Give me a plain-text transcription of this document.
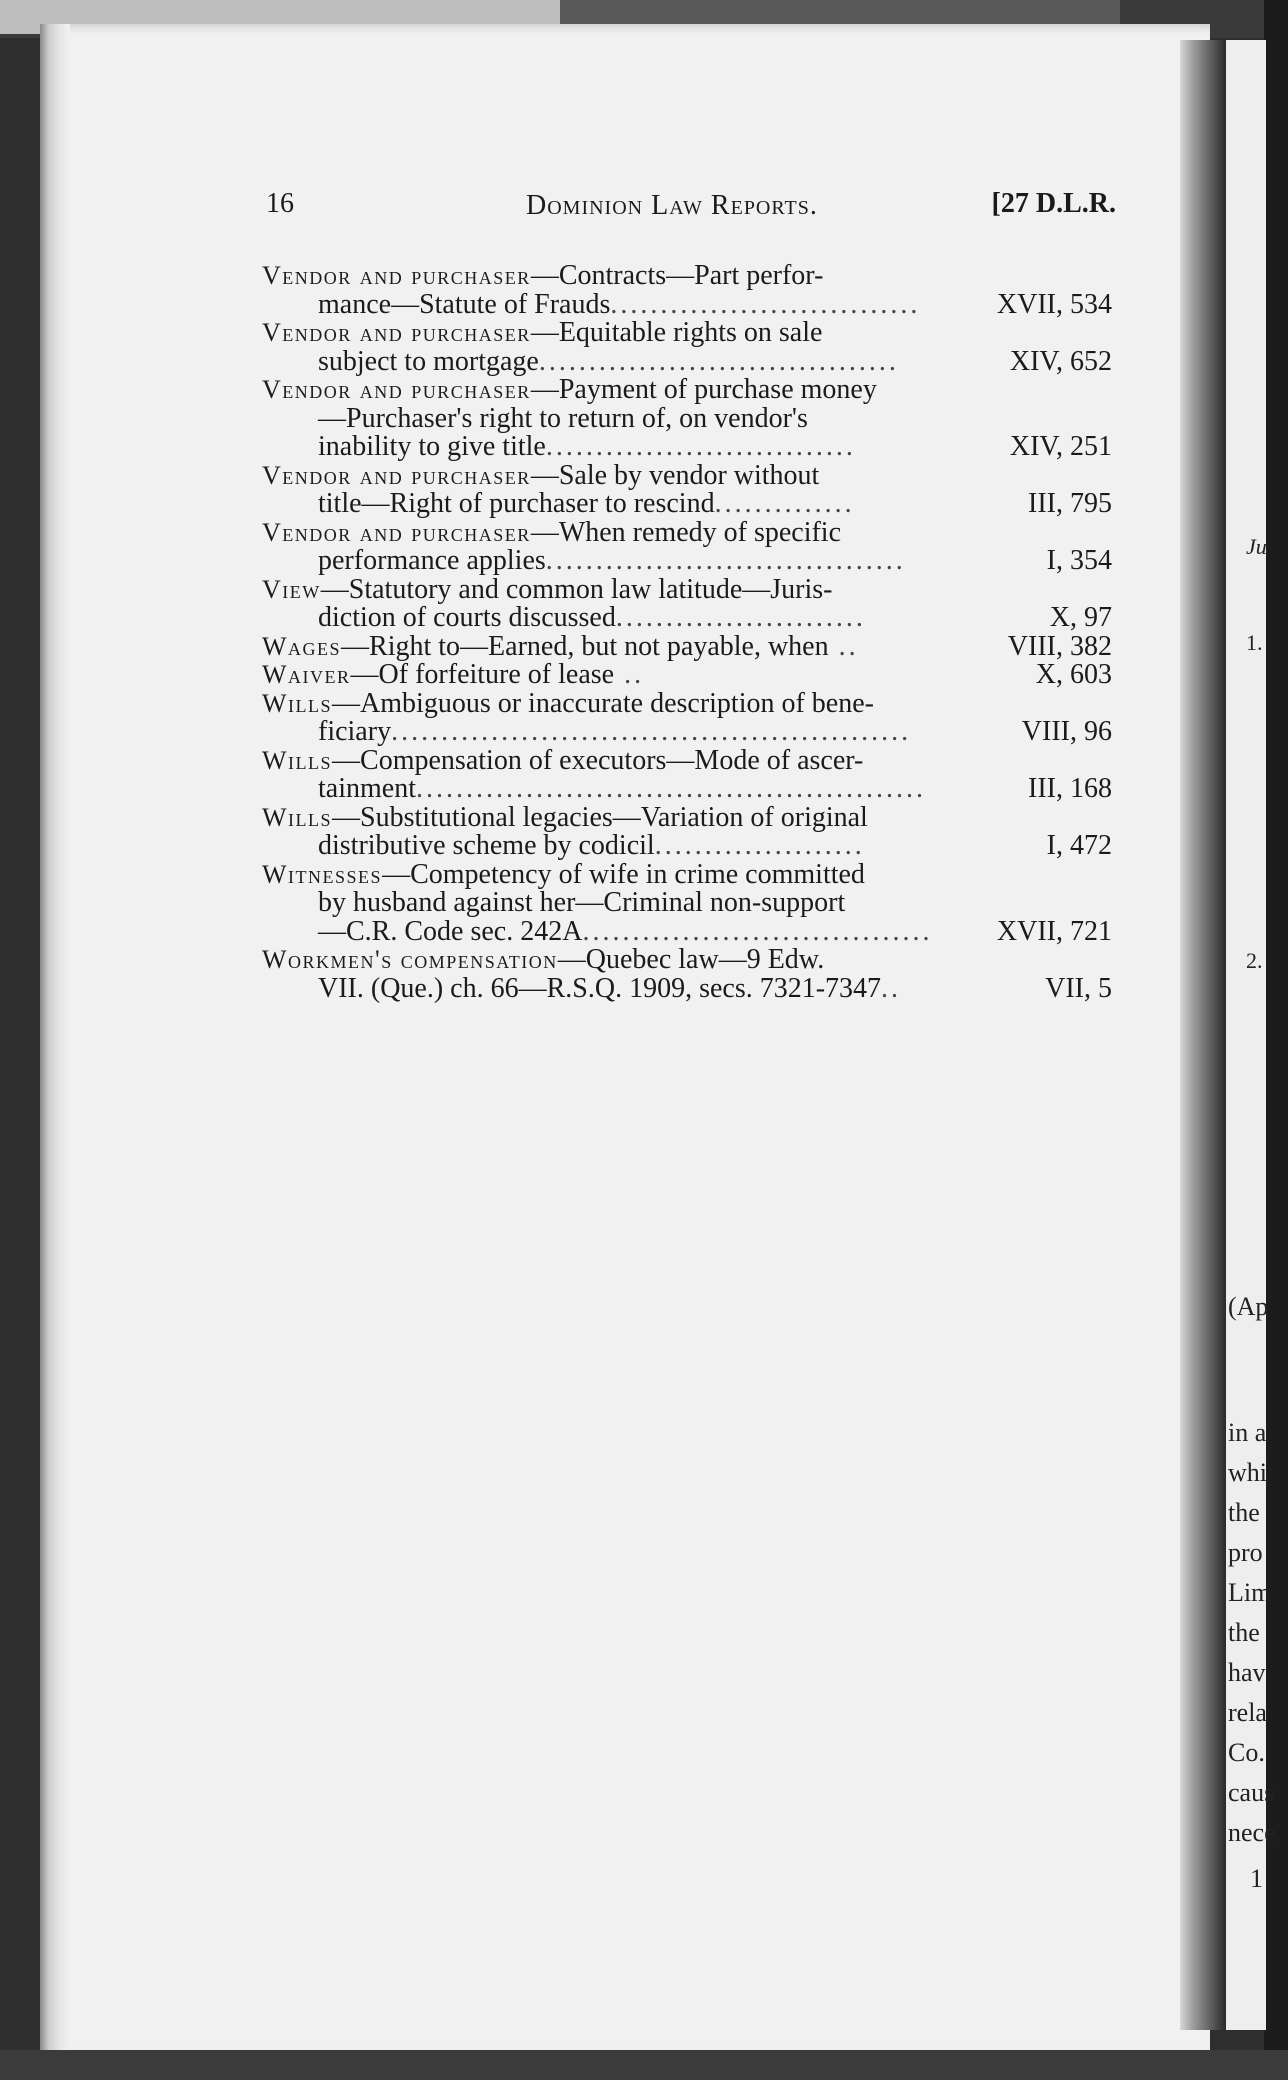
Ju
1.
2.
(Ap
in a
whi
the
pro
Lim
the
hav
rela
Co.
caus
nece
1
16	Dominion Law Reports.	[27 D.L.R.
Vendor and purchaser—Contracts—Part perfor-
mance—Statute of Frauds...............................	XVII, 534
Vendor and purchaser—Equitable rights on sale
subject to mortgage....................................	XIV, 652
Vendor and purchaser—Payment of purchase money
—Purchaser's right to return of, on vendor's
inability to give title...............................	XIV, 251
Vendor and purchaser—Sale by vendor without
title—Right of purchaser to rescind..............	III, 795
Vendor and purchaser—When remedy of specific
performance applies....................................	I, 354
View—Statutory and common law latitude—Juris-
diction of courts discussed.........................	X, 97
Wages—Right to—Earned, but not payable, when ..	VIII, 382
Waiver—Of forfeiture of lease ..	X, 603
Wills—Ambiguous or inaccurate description of bene-
ficiary....................................................	VIII, 96
Wills—Compensation of executors—Mode of ascer-
tainment...................................................	III, 168
Wills—Substitutional legacies—Variation of original
distributive scheme by codicil.....................	I, 472
Witnesses—Competency of wife in crime committed
by husband against her—Criminal non-support
—C.R. Code sec. 242A...................................	XVII, 721
Workmen's compensation—Quebec law—9 Edw.
VII. (Que.) ch. 66—R.S.Q. 1909, secs. 7321-7347..	VII, 5
